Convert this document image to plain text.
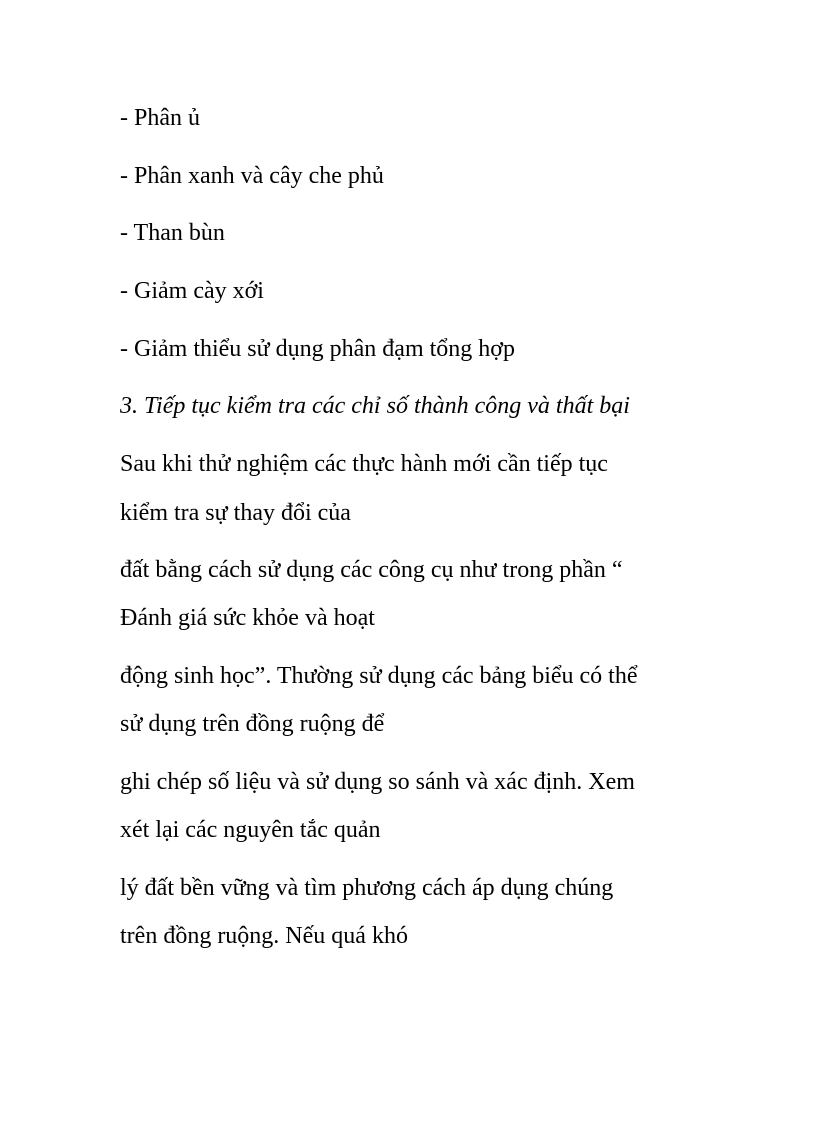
- Phân ủ
- Phân xanh và cây che phủ
- Than bùn
- Giảm cày xới
- Giảm thiểu sử dụng phân đạm tổng hợp
3. Tiếp tục kiểm tra các chỉ số thành công và thất bại
Sau khi thử nghiệm các thực hành mới cần tiếp tục
kiểm tra sự thay đổi của
đất bằng cách sử dụng các công cụ như trong phần “
Đánh giá sức khỏe và hoạt
động sinh học”. Thường sử dụng các bảng biểu có thể
sử dụng trên đồng ruộng để
ghi chép số liệu và sử dụng so sánh và xác định. Xem
xét lại các nguyên tắc quản
lý đất bền vững và tìm phương cách áp dụng chúng
trên đồng ruộng. Nếu quá khó
